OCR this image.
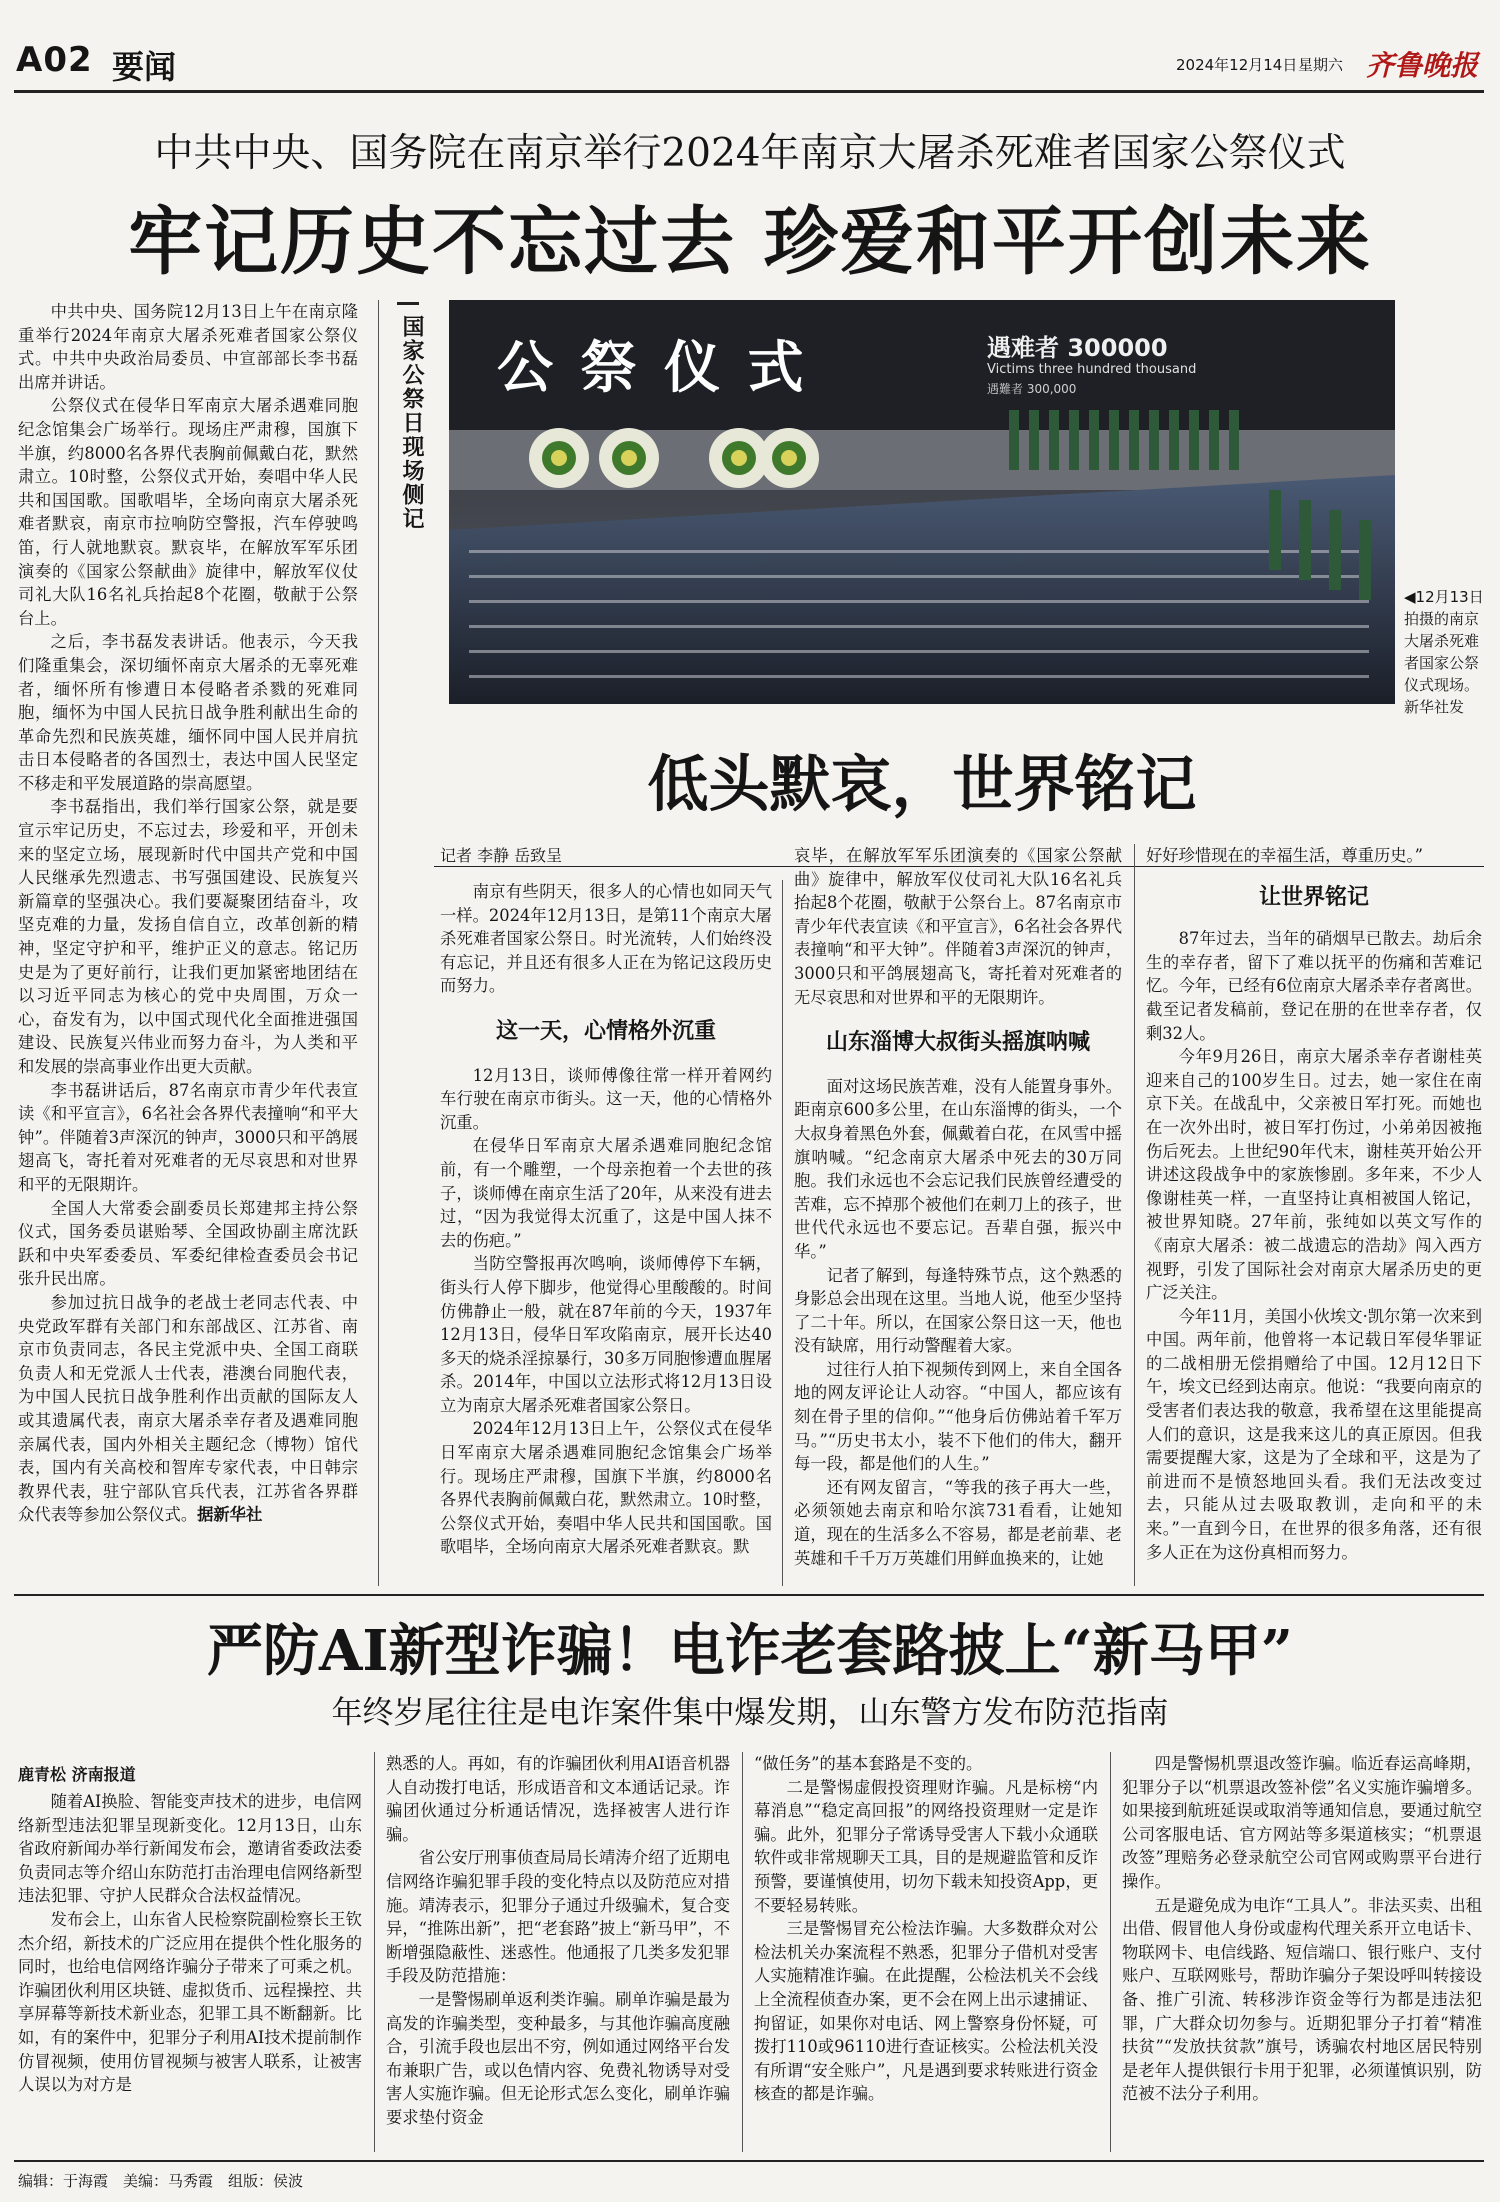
A02 要闻	2024年12月14日 星期六 齐鲁晚报
中共中央、国务院在南京举行2024年南京大屠杀死难者国家公祭仪式
牢记历史不忘过去 珍爱和平开创未来

中共中央、国务院12月13日上午在南京隆重举行2024年南京大屠杀死难者国家公祭仪式。中共中央政治局委员、中宣部部长李书磊出席并讲话。

公祭仪式在侵华日军南京大屠杀遇难同胞纪念馆集会广场举行。现场庄严肃穆，国旗下半旗，约8000名各界代表胸前佩戴白花，默然肃立。10时整，公祭仪式开始，奏唱中华人民共和国国歌。国歌唱毕，全场向南京大屠杀死难者默哀，南京市拉响防空警报，汽车停驶鸣笛，行人就地默哀。默哀毕，在解放军军乐团演奏的《国家公祭献曲》旋律中，解放军仪仗司礼大队16名礼兵抬起8个花圈，敬献于公祭台上。

之后，李书磊发表讲话。他表示，今天我们隆重集会，深切缅怀南京大屠杀的无辜死难者，缅怀所有惨遭日本侵略者杀戮的死难同胞，缅怀为中国人民抗日战争胜利献出生命的革命先烈和民族英雄，缅怀同中国人民并肩抗击日本侵略者的各国烈士，表达中国人民坚定不移走和平发展道路的崇高愿望。

李书磊指出，我们举行国家公祭，就是要宣示牢记历史，不忘过去，珍爱和平，开创未来的坚定立场，展现新时代中国共产党和中国人民继承先烈遗志、书写强国建设、民族复兴新篇章的坚强决心。我们要凝聚团结奋斗，攻坚克难的力量，发扬自信自立，改革创新的精神，坚定守护和平，维护正义的意志。铭记历史是为了更好前行，让我们更加紧密地团结在以习近平同志为核心的党中央周围，万众一心，奋发有为，以中国式现代化全面推进强国建设、民族复兴伟业而努力奋斗，为人类和平和发展的崇高事业作出更大贡献。

李书磊讲话后，87名南京市青少年代表宣读《和平宣言》，6名社会各界代表撞响“和平大钟”。伴随着3声深沉的钟声，3000只和平鸽展翅高飞，寄托着对死难者的无尽哀思和对世界和平的无限期许。

全国人大常委会副委员长郑建邦主持公祭仪式，国务委员谌贻琴、全国政协副主席沈跃跃和中央军委委员、军委纪律检查委员会书记张升民出席。

参加过抗日战争的老战士老同志代表、中央党政军群有关部门和东部战区、江苏省、南京市负责同志，各民主党派中央、全国工商联负责人和无党派人士代表，港澳台同胞代表，为中国人民抗日战争胜利作出贡献的国际友人或其遗属代表，南京大屠杀幸存者及遇难同胞亲属代表，国内外相关主题纪念（博物）馆代表，国内有关高校和智库专家代表，中日韩宗教界代表，驻宁部队官兵代表，江苏省各界群众代表等参加公祭仪式。据新华社

国家公祭日现场侧记 公 祭 仪 式	遇难者 300000
Victims three hundred thousand
遇難者 300,000
◀12月13日拍摄的南京大屠杀死难者国家公祭仪式现场。新华社发
低头默哀，世界铭记
记者 李静 岳致呈

南京有些阴天，很多人的心情也如同天气一样。2024年12月13日，是第11个南京大屠杀死难者国家公祭日。时光流转，人们始终没有忘记，并且还有很多人正在为铭记这段历史而努力。

这一天，心情格外沉重

12月13日，谈师傅像往常一样开着网约车行驶在南京市街头。这一天，他的心情格外沉重。

在侵华日军南京大屠杀遇难同胞纪念馆前，有一个雕塑，一个母亲抱着一个去世的孩子，谈师傅在南京生活了20年，从来没有进去过，“因为我觉得太沉重了，这是中国人抹不去的伤疤。”

当防空警报再次鸣响，谈师傅停下车辆，街头行人停下脚步，他觉得心里酸酸的。时间仿佛静止一般，就在87年前的今天，1937年12月13日，侵华日军攻陷南京，展开长达40多天的烧杀淫掠暴行，30多万同胞惨遭血腥屠杀。2014年，中国以立法形式将12月13日设立为南京大屠杀死难者国家公祭日。

2024年12月13日上午，公祭仪式在侵华日军南京大屠杀遇难同胞纪念馆集会广场举行。现场庄严肃穆，国旗下半旗，约8000名各界代表胸前佩戴白花，默然肃立。10时整，公祭仪式开始，奏唱中华人民共和国国歌。国歌唱毕，全场向南京大屠杀死难者默哀。默

哀毕，在解放军军乐团演奏的《国家公祭献曲》旋律中，解放军仪仗司礼大队16名礼兵抬起8个花圈，敬献于公祭台上。87名南京市青少年代表宣读《和平宣言》，6名社会各界代表撞响“和平大钟”。伴随着3声深沉的钟声，3000只和平鸽展翅高飞，寄托着对死难者的无尽哀思和对世界和平的无限期许。

山东淄博大叔街头摇旗呐喊

面对这场民族苦难，没有人能置身事外。距南京600多公里，在山东淄博的街头，一个大叔身着黑色外套，佩戴着白花，在风雪中摇旗呐喊。“纪念南京大屠杀中死去的30万同胞。我们永远也不会忘记我们民族曾经遭受的苦难，忘不掉那个被他们在刺刀上的孩子，世世代代永远也不要忘记。吾辈自强，振兴中华。”

记者了解到，每逢特殊节点，这个熟悉的身影总会出现在这里。当地人说，他至少坚持了二十年。所以，在国家公祭日这一天，他也没有缺席，用行动警醒着大家。

过往行人拍下视频传到网上，来自全国各地的网友评论让人动容。“中国人，都应该有刻在骨子里的信仰。”“他身后仿佛站着千军万马。”“历史书太小，装不下他们的伟大，翻开每一段，都是他们的人生。”

还有网友留言，“等我的孩子再大一些，必须领她去南京和哈尔滨731看看，让她知道，现在的生活多么不容易，都是老前辈、老英雄和千千万万英雄们用鲜血换来的，让她

好好珍惜现在的幸福生活，尊重历史。”

让世界铭记

87年过去，当年的硝烟早已散去。劫后余生的幸存者，留下了难以抚平的伤痛和苦难记忆。今年，已经有6位南京大屠杀幸存者离世。截至记者发稿前，登记在册的在世幸存者，仅剩32人。

今年9月26日，南京大屠杀幸存者谢桂英迎来自己的100岁生日。过去，她一家住在南京下关。在战乱中，父亲被日军打死。而她也在一次外出时，被日军打伤过，小弟弟因被拖伤后死去。上世纪90年代末，谢桂英开始公开讲述这段战争中的家族惨剧。多年来，不少人像谢桂英一样，一直坚持让真相被国人铭记，被世界知晓。27年前，张纯如以英文写作的《南京大屠杀：被二战遗忘的浩劫》闯入西方视野，引发了国际社会对南京大屠杀历史的更广泛关注。

今年11月，美国小伙埃文·凯尔第一次来到中国。两年前，他曾将一本记载日军侵华罪证的二战相册无偿捐赠给了中国。12月12日下午，埃文已经到达南京。他说：“我要向南京的受害者们表达我的敬意，我希望在这里能提高人们的意识，这是我来这儿的真正原因。但我需要提醒大家，这是为了全球和平，这是为了前进而不是愤怒地回头看。我们无法改变过去，只能从过去吸取教训，走向和平的未来。”一直到今日，在世界的很多角落，还有很多人正在为这份真相而努力。

严防AI新型诈骗！电诈老套路披上“新马甲”
年终岁尾往往是电诈案件集中爆发期，山东警方发布防范指南
鹿青松 济南报道

随着AI换脸、智能变声技术的进步，电信网络新型违法犯罪呈现新变化。12月13日，山东省政府新闻办举行新闻发布会，邀请省委政法委负责同志等介绍山东防范打击治理电信网络新型违法犯罪、守护人民群众合法权益情况。

发布会上，山东省人民检察院副检察长王钦杰介绍，新技术的广泛应用在提供个性化服务的同时，也给电信网络诈骗分子带来了可乘之机。诈骗团伙利用区块链、虚拟货币、远程操控、共享屏幕等新技术新业态，犯罪工具不断翻新。比如，有的案件中，犯罪分子利用AI技术提前制作仿冒视频，使用仿冒视频与被害人联系，让被害人误以为对方是

熟悉的人。再如，有的诈骗团伙利用AI语音机器人自动拨打电话，形成语音和文本通话记录。诈骗团伙通过分析通话情况，选择被害人进行诈骗。

省公安厅刑事侦查局局长靖涛介绍了近期电信网络诈骗犯罪手段的变化特点以及防范应对措施。靖涛表示，犯罪分子通过升级骗术，复合变异，“推陈出新”，把“老套路”披上“新马甲”，不断增强隐蔽性、迷惑性。他通报了几类多发犯罪手段及防范措施：

一是警惕刷单返利类诈骗。刷单诈骗是最为高发的诈骗类型，变种最多，与其他诈骗高度融合，引流手段也层出不穷，例如通过网络平台发布兼职广告，或以色情内容、免费礼物诱导对受害人实施诈骗。但无论形式怎么变化，刷单诈骗要求垫付资金

“做任务”的基本套路是不变的。

二是警惕虚假投资理财诈骗。凡是标榜“内幕消息”“稳定高回报”的网络投资理财一定是诈骗。此外，犯罪分子常诱导受害人下载小众通联软件或非常规聊天工具，目的是规避监管和反诈预警，要谨慎使用，切勿下载未知投资App，更不要轻易转账。

三是警惕冒充公检法诈骗。大多数群众对公检法机关办案流程不熟悉，犯罪分子借机对受害人实施精准诈骗。在此提醒，公检法机关不会线上全流程侦查办案，更不会在网上出示逮捕证、拘留证，如果你对电话、网上警察身份怀疑，可拨打110或96110进行查证核实。公检法机关没有所谓“安全账户”，凡是遇到要求转账进行资金核查的都是诈骗。

四是警惕机票退改签诈骗。临近春运高峰期，犯罪分子以“机票退改签补偿”名义实施诈骗增多。如果接到航班延误或取消等通知信息，要通过航空公司客服电话、官方网站等多渠道核实；“机票退改签”理赔务必登录航空公司官网或购票平台进行操作。

五是避免成为电诈“工具人”。非法买卖、出租出借、假冒他人身份或虚构代理关系开立电话卡、物联网卡、电信线路、短信端口、银行账户、支付账户、互联网账号，帮助诈骗分子架设呼叫转接设备、推广引流、转移涉诈资金等行为都是违法犯罪，广大群众切勿参与。近期犯罪分子打着“精准扶贫”“发放扶贫款”旗号，诱骗农村地区居民特别是老年人提供银行卡用于犯罪，必须谨慎识别，防范被不法分子利用。

编辑：于海霞　美编：马秀霞　组版：侯波
